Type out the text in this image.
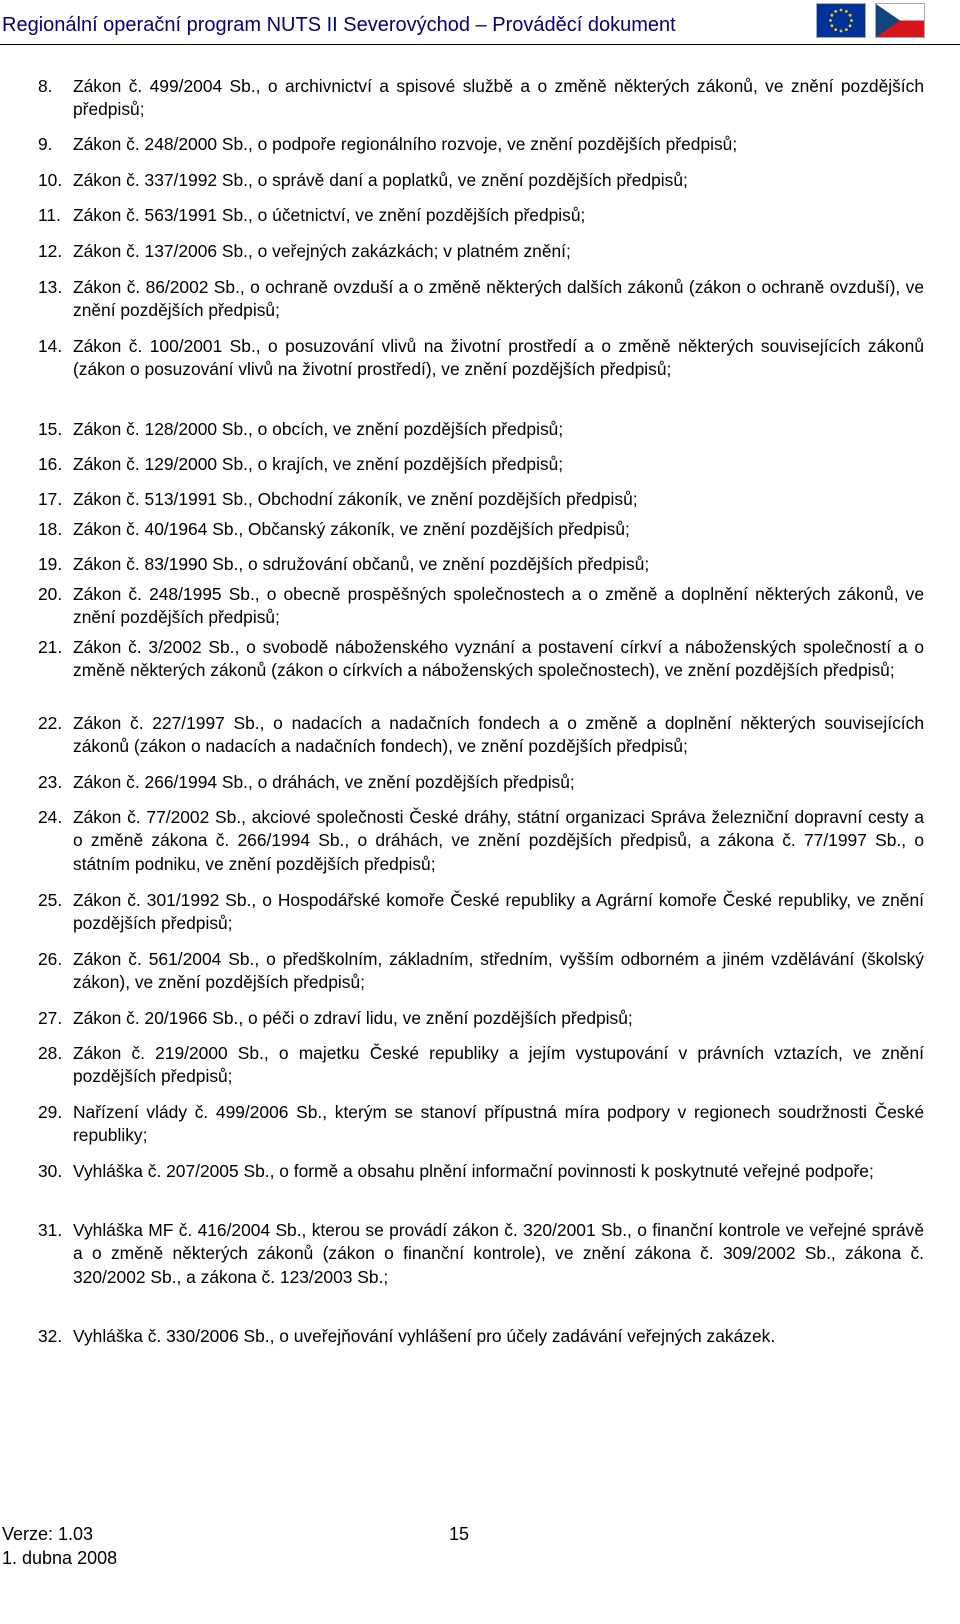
Regionální operační program NUTS II Severovýchod – Prováděcí dokument
8. Zákon č. 499/2004 Sb., o archivnictví a spisové službě a o změně některých zákonů, ve znění pozdějších předpisů;
9. Zákon č. 248/2000 Sb., o podpoře regionálního rozvoje, ve znění pozdějších předpisů;
10. Zákon č. 337/1992 Sb., o správě daní a poplatků, ve znění pozdějších předpisů;
11. Zákon č. 563/1991 Sb., o účetnictví, ve znění pozdějších předpisů;
12. Zákon č. 137/2006 Sb., o veřejných zakázkách; v platném znění;
13. Zákon č. 86/2002 Sb., o ochraně ovzduší a o změně některých dalších zákonů (zákon o ochraně ovzduší), ve znění pozdějších předpisů;
14. Zákon č. 100/2001 Sb., o posuzování vlivů na životní prostředí a o změně některých souvisejících zákonů (zákon o posuzování vlivů na životní prostředí), ve znění pozdějších předpisů;
15. Zákon č. 128/2000 Sb., o obcích, ve znění pozdějších předpisů;
16. Zákon č. 129/2000 Sb., o krajích, ve znění pozdějších předpisů;
17. Zákon č. 513/1991 Sb., Obchodní zákoník, ve znění pozdějších předpisů;
18. Zákon č. 40/1964 Sb., Občanský zákoník, ve znění pozdějších předpisů;
19. Zákon č. 83/1990 Sb., o sdružování občanů, ve znění pozdějších předpisů;
20. Zákon č. 248/1995 Sb., o obecně prospěšných společnostech a o změně a doplnění některých zákonů, ve znění pozdějších předpisů;
21. Zákon č. 3/2002 Sb., o svobodě náboženského vyznání a postavení církví a náboženských společností a o změně některých zákonů (zákon o církvích a náboženských společnostech), ve znění pozdějších předpisů;
22. Zákon č. 227/1997 Sb., o nadacích a nadačních fondech a o změně a doplnění některých souvisejících zákonů (zákon o nadacích a nadačních fondech), ve znění pozdějších předpisů;
23. Zákon č. 266/1994 Sb., o dráhách, ve znění pozdějších předpisů;
24. Zákon č. 77/2002 Sb., akciové společnosti České dráhy, státní organizaci Správa železniční dopravní cesty a o změně zákona č. 266/1994 Sb., o dráhách, ve znění pozdějších předpisů, a zákona č. 77/1997 Sb., o státním podniku, ve znění pozdějších předpisů;
25. Zákon č. 301/1992 Sb., o Hospodářské komoře České republiky a Agrární komoře České republiky, ve znění pozdějších předpisů;
26. Zákon č. 561/2004 Sb., o předškolním, základním, středním, vyšším odborném a jiném vzdělávání (školský zákon), ve znění pozdějších předpisů;
27. Zákon č. 20/1966 Sb., o péči o zdraví lidu, ve znění pozdějších předpisů;
28. Zákon č. 219/2000 Sb., o majetku České republiky a jejím vystupování v právních vztazích, ve znění pozdějších předpisů;
29. Nařízení vlády č. 499/2006 Sb., kterým se stanoví přípustná míra podpory v regionech soudržnosti České republiky;
30. Vyhláška č. 207/2005 Sb., o formě a obsahu plnění informační povinnosti k poskytnuté veřejné podpoře;
31. Vyhláška MF č. 416/2004 Sb., kterou se provádí zákon č. 320/2001 Sb., o finanční kontrole ve veřejné správě a o změně některých zákonů (zákon o finanční kontrole), ve znění zákona č. 309/2002 Sb., zákona č. 320/2002 Sb., a zákona č. 123/2003 Sb.;
32. Vyhláška č. 330/2006 Sb., o uveřejňování vyhlášení pro účely zadávání veřejných zakázek.
Verze: 1.03
1. dubna 2008
15
